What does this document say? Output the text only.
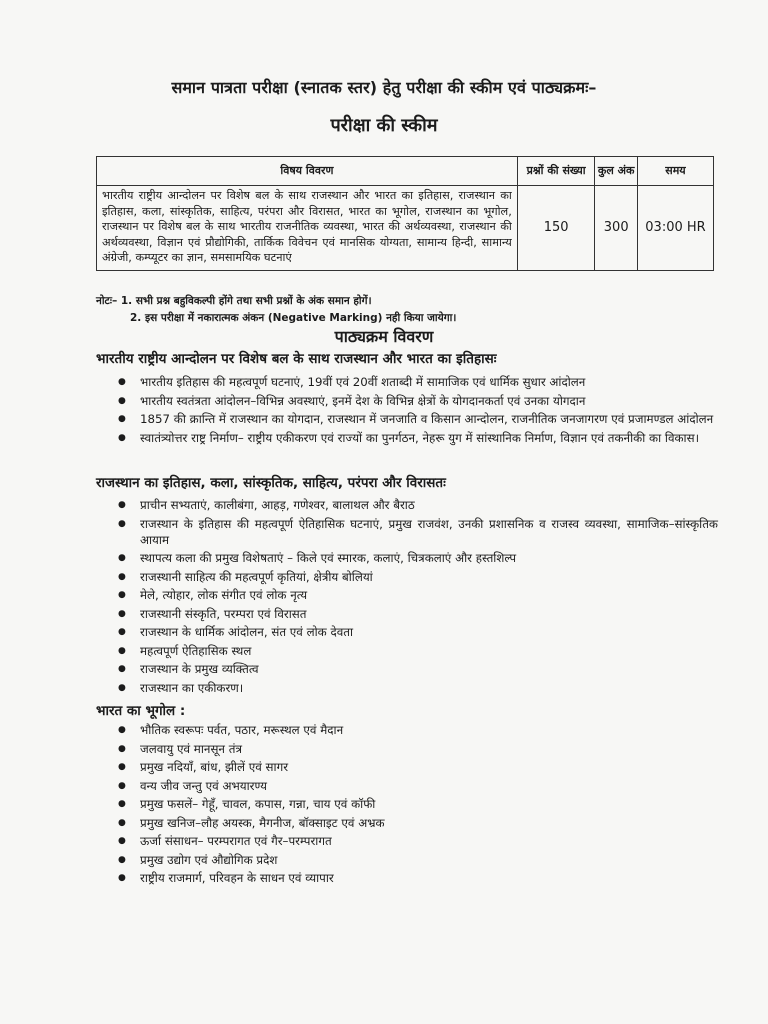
समान पात्रता परीक्षा (स्नातक स्तर) हेतु परीक्षा की स्कीम एवं पाठ्यक्रमः–
परीक्षा की स्कीम
विषय विवरण	प्रश्नों की संख्या	कुल अंक	समय
भारतीय राष्ट्रीय आन्दोलन पर विशेष बल के साथ राजस्थान और भारत का इतिहास, राजस्थान का इतिहास, कला, सांस्कृतिक, साहित्य, परंपरा और विरासत, भारत का भूगोल, राजस्थान का भूगोल, राजस्थान पर विशेष बल के साथ भारतीय राजनीतिक व्यवस्था, भारत की अर्थव्यवस्था, राजस्थान की अर्थव्यवस्था, विज्ञान एवं प्रौद्योगिकी, तार्किक विवेचन एवं मानसिक योग्यता, सामान्य हिन्दी, सामान्य अंग्रेजी, कम्प्यूटर का ज्ञान, समसामयिक घटनाएं	150	300	03:00 HR
नोटः– 1. सभी प्रश्न बहुविकल्पी होंगे तथा सभी प्रश्नों के अंक समान होगें।
2. इस परीक्षा में नकारात्मक अंकन (Negative Marking) नही किया जायेगा।
पाठ्यक्रम विवरण
भारतीय राष्ट्रीय आन्दोलन पर विशेष बल के साथ राजस्थान और भारत का इतिहासः
● भारतीय इतिहास की महत्वपूर्ण घटनाएं, 19वीं एवं 20वीं शताब्दी में सामाजिक एवं धार्मिक सुधार आंदोलन
● भारतीय स्वतंत्रता आंदोलन–विभिन्न अवस्थाएं, इनमें देश के विभिन्न क्षेत्रों के योगदानकर्ता एवं उनका योगदान
● 1857 की क्रान्ति में राजस्थान का योगदान, राजस्थान में जनजाति व किसान आन्दोलन, राजनीतिक जनजागरण एवं प्रजामण्डल आंदोलन
● स्वातंत्र्योत्तर राष्ट्र निर्माण– राष्ट्रीय एकीकरण एवं राज्यों का पुनर्गठन, नेहरू युग में सांस्थानिक निर्माण, विज्ञान एवं तकनीकी का विकास।
राजस्थान का इतिहास, कला, सांस्कृतिक, साहित्य, परंपरा और विरासतः
● प्राचीन सभ्यताएं, कालीबंगा, आहड़, गणेश्वर, बालाथल और बैराठ
● राजस्थान के इतिहास की महत्वपूर्ण ऐतिहासिक घटनाएं, प्रमुख राजवंश, उनकी प्रशासनिक व राजस्व व्यवस्था, सामाजिक–सांस्कृतिक आयाम
● स्थापत्य कला की प्रमुख विशेषताएं – किले एवं स्मारक, कलाएं, चित्रकलाएं और हस्तशिल्प
● राजस्थानी साहित्य की महत्वपूर्ण कृतियां, क्षेत्रीय बोलियां
● मेले, त्योहार, लोक संगीत एवं लोक नृत्य
● राजस्थानी संस्कृति, परम्परा एवं विरासत
● राजस्थान के धार्मिक आंदोलन, संत एवं लोक देवता
● महत्वपूर्ण ऐतिहासिक स्थल
● राजस्थान के प्रमुख व्यक्तित्व
● राजस्थान का एकीकरण।
भारत का भूगोल :
● भौतिक स्वरूपः पर्वत, पठार, मरूस्थल एवं मैदान
● जलवायु एवं मानसून तंत्र
● प्रमुख नदियॉं, बांध, झीलें एवं सागर
● वन्य जीव जन्तु एवं अभयारण्य
● प्रमुख फसलें– गेहूँ, चावल, कपास, गन्ना, चाय एवं कॉफी
● प्रमुख खनिज–लौह अयस्क, मैगनीज, बॉक्साइट एवं अभ्रक
● ऊर्जा संसाधन– परम्परागत एवं गैर–परम्परागत
● प्रमुख उद्योग एवं औद्योगिक प्रदेश
● राष्ट्रीय राजमार्ग, परिवहन के साधन एवं व्यापार
